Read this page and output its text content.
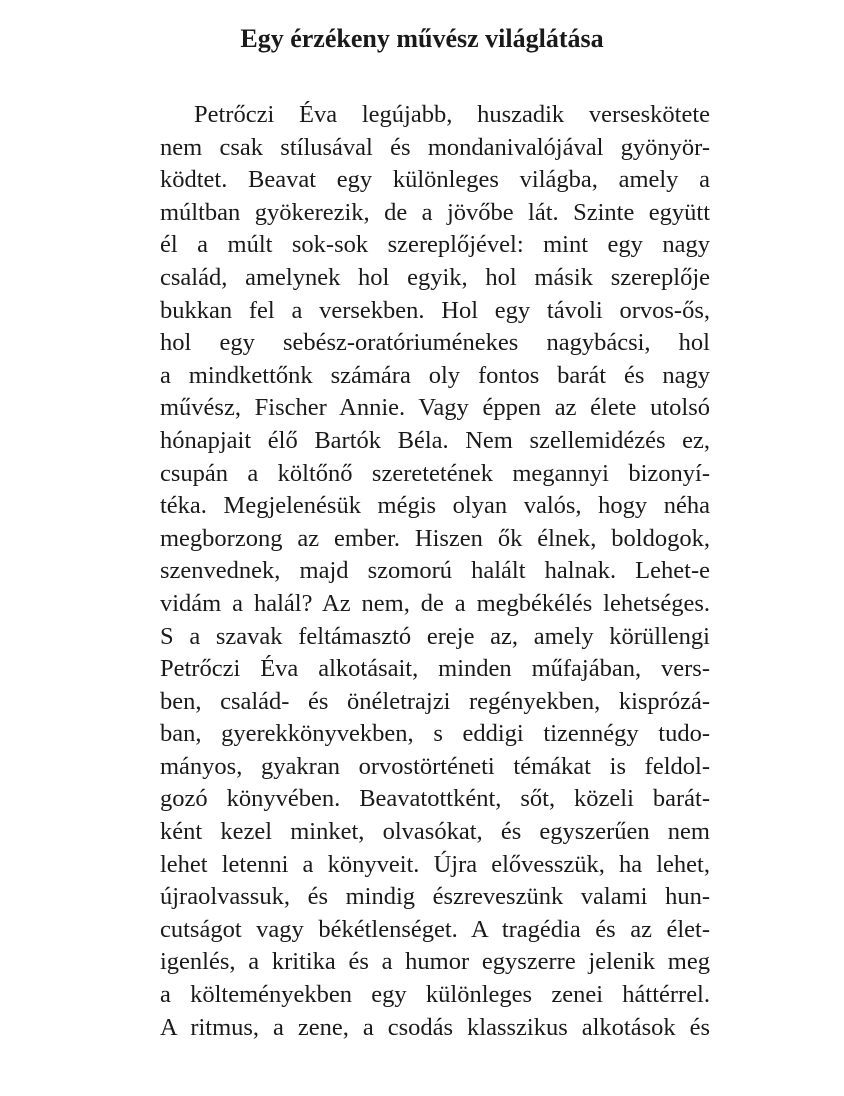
Egy érzékeny művész világlátása
Petrőczi Éva legújabb, huszadik verseskötete
nem csak stílusával és mondanivalójával gyönyör-
ködtet. Beavat egy különleges világba, amely a
múltban gyökerezik, de a jövőbe lát. Szinte együtt
él a múlt sok-sok szereplőjével: mint egy nagy
család, amelynek hol egyik, hol másik szereplője
bukkan fel a versekben. Hol egy távoli orvos-ős,
hol egy sebész-oratóriuménekes nagybácsi, hol
a mindkettőnk számára oly fontos barát és nagy
művész, Fischer Annie. Vagy éppen az élete utolsó
hónapjait élő Bartók Béla. Nem szellemidézés ez,
csupán a költőnő szeretetének megannyi bizonyí-
téka. Megjelenésük mégis olyan valós, hogy néha
megborzong az ember. Hiszen ők élnek, boldogok,
szenvednek, majd szomorú halált halnak. Lehet-e
vidám a halál? Az nem, de a megbékélés lehetséges.
S a szavak feltámasztó ereje az, amely körüllengi
Petrőczi Éva alkotásait, minden műfajában, vers-
ben, család- és önéletrajzi regényekben, kisprózá-
ban, gyerekkönyvekben, s eddigi tizennégy tudo-
mányos, gyakran orvostörténeti témákat is feldol-
gozó könyvében. Beavatottként, sőt, közeli barát-
ként kezel minket, olvasókat, és egyszerűen nem
lehet letenni a könyveit. Újra elővesszük, ha lehet,
újraolvassuk, és mindig észreveszünk valami hun-
cutságot vagy békétlenséget. A tragédia és az élet-
igenlés, a kritika és a humor egyszerre jelenik meg
a költeményekben egy különleges zenei háttérrel.
A ritmus, a zene, a csodás klasszikus alkotások és
